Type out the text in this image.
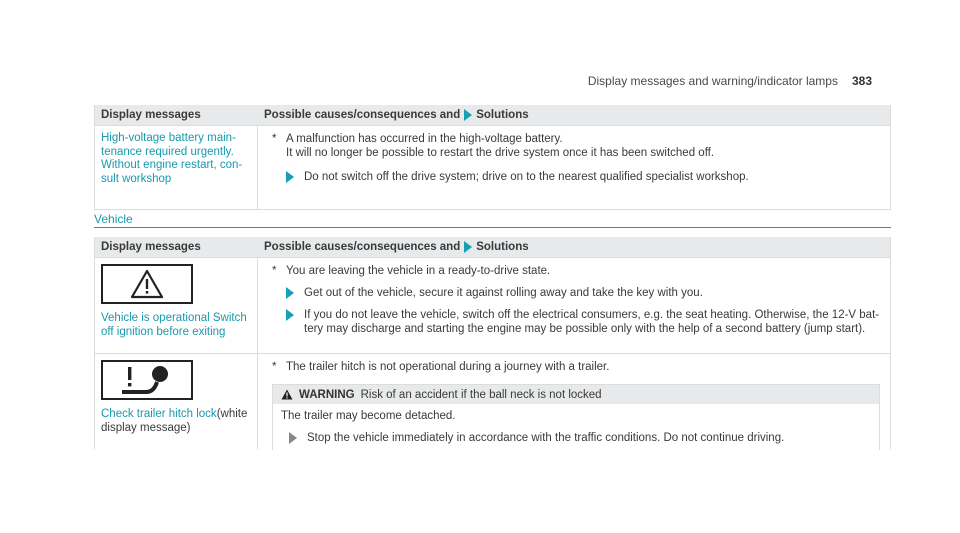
Display messages and warning/indicator lamps 383
Display messages	Possible causes/consequences and Solutions
High-voltage battery main- tenance required urgently. Without engine restart, con- sult workshop
* A malfunction has occurred in the high-voltage battery.
It will no longer be possible to restart the drive system once it has been switched off.
Do not switch off the drive system; drive on to the nearest qualified specialist workshop.
Vehicle
Display messages	Possible causes/consequences and Solutions
Vehicle is operational Switch off ignition before exiting
* You are leaving the vehicle in a ready-to-drive state.
Get out of the vehicle, secure it against rolling away and take the key with you.
If you do not leave the vehicle, switch off the electrical consumers, e.g. the seat heating. Otherwise, the 12-V bat- tery may discharge and starting the engine may be possible only with the help of a second battery (jump start).
Check trailer hitch lock(white display message)
* The trailer hitch is not operational during a journey with a trailer.
WARNING Risk of an accident if the ball neck is not locked
The trailer may become detached.
Stop the vehicle immediately in accordance with the traffic conditions. Do not continue driving.
